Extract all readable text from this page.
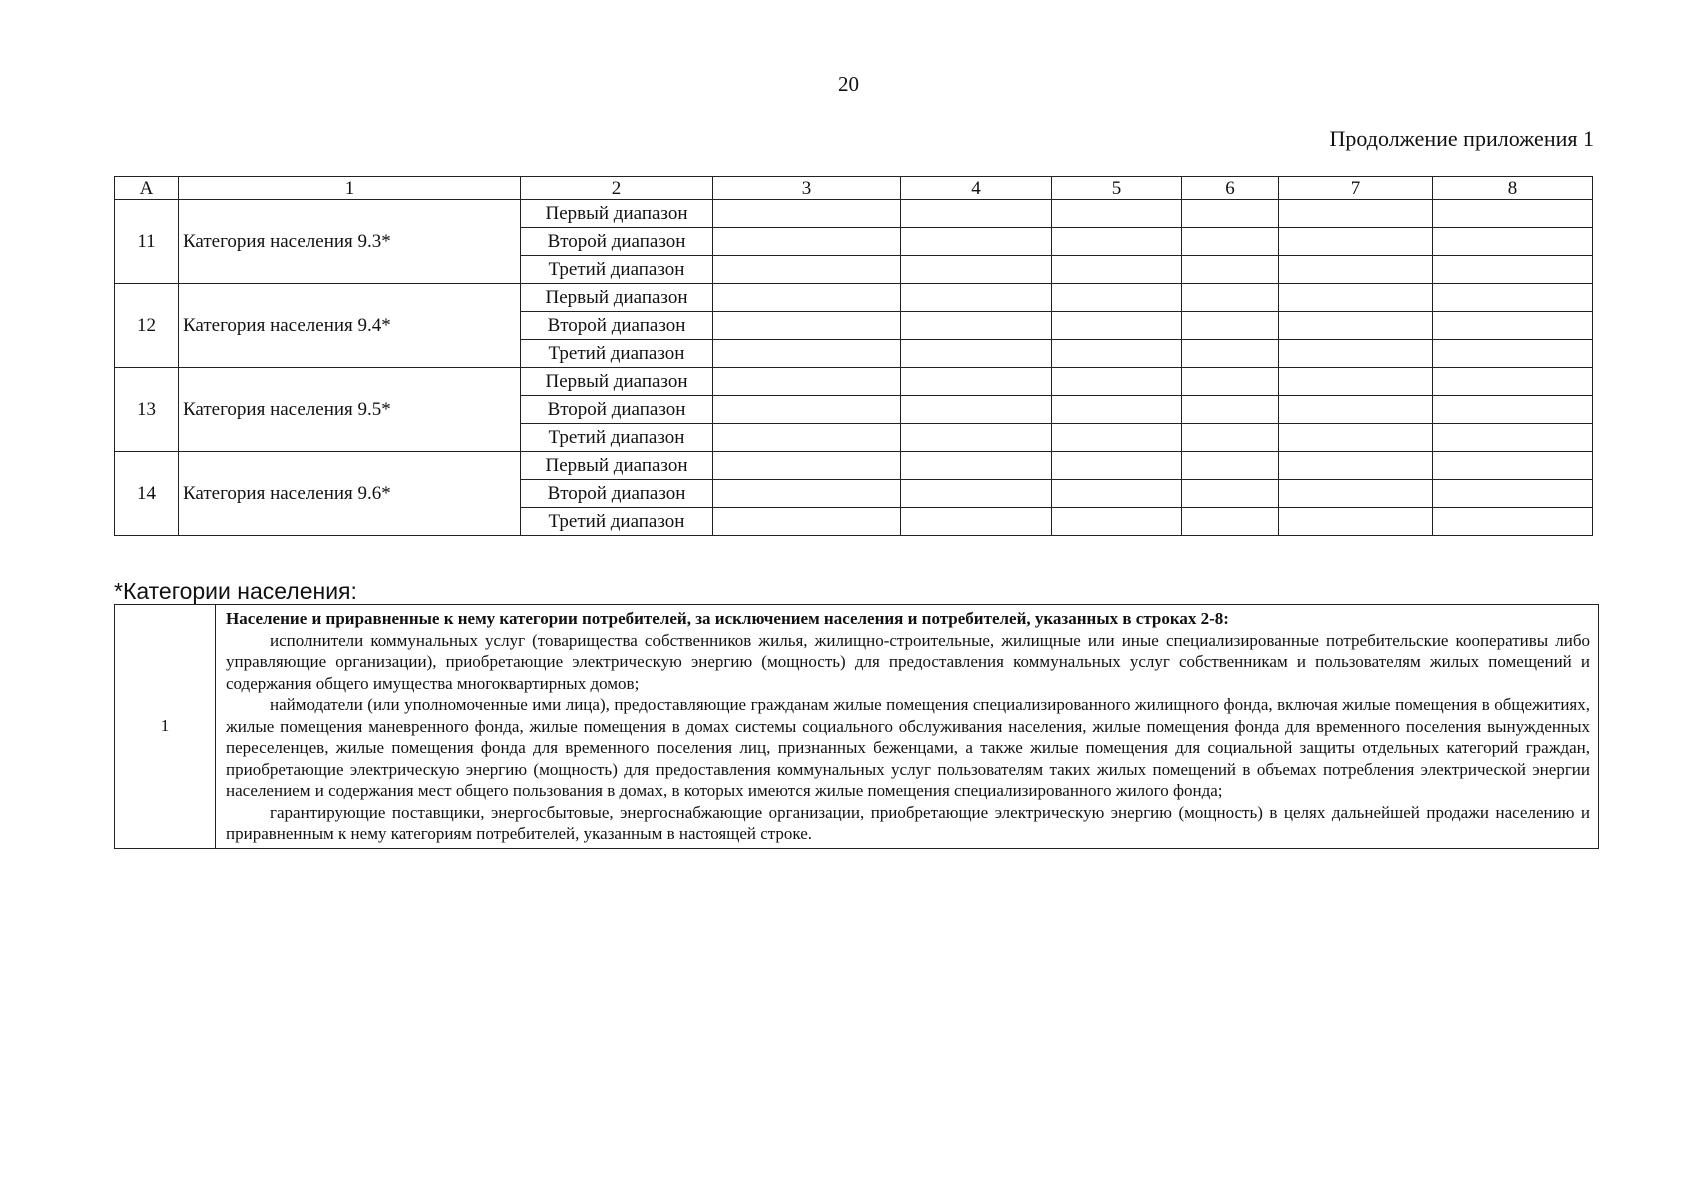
20
Продолжение приложения 1
А	1	2	3	4	5	6	7	8
11	Категория населения 9.3*	Первый диапазон						
		Второй диапазон						
		Третий диапазон						
12	Категория населения 9.4*	Первый диапазон						
		Второй диапазон						
		Третий диапазон						
13	Категория населения 9.5*	Первый диапазон						
		Второй диапазон						
		Третий диапазон						
14	Категория населения 9.6*	Первый диапазон						
		Второй диапазон						
		Третий диапазон						
*Категории населения:
1	
Население и приравненные к нему категории потребителей, за исключением населения и потребителей, указанных в строках 2-8:
исполнители коммунальных услуг (товарищества собственников жилья, жилищно-строительные, жилищные или иные специализированные потребительские кооперативы либо управляющие организации), приобретающие электрическую энергию (мощность) для предоставления коммунальных услуг собственникам и пользователям жилых помещений и содержания общего имущества многоквартирных домов;
наймодатели (или уполномоченные ими лица), предоставляющие гражданам жилые помещения специализированного жилищного фонда, включая жилые помещения в общежитиях, жилые помещения маневренного фонда, жилые помещения в домах системы социального обслуживания населения, жилые помещения фонда для временного поселения вынужденных переселенцев, жилые помещения фонда для временного поселения лиц, признанных беженцами, а также жилые помещения для социальной защиты отдельных категорий граждан, приобретающие электрическую энергию (мощность) для предоставления коммунальных услуг пользователям таких жилых помещений в объемах потребления электрической энергии населением и содержания мест общего пользования в домах, в которых имеются жилые помещения специализированного жилого фонда;
гарантирующие поставщики, энергосбытовые, энергоснабжающие организации, приобретающие электрическую энергию (мощность) в целях дальнейшей продажи населению и приравненным к нему категориям потребителей, указанным в настоящей строке.
